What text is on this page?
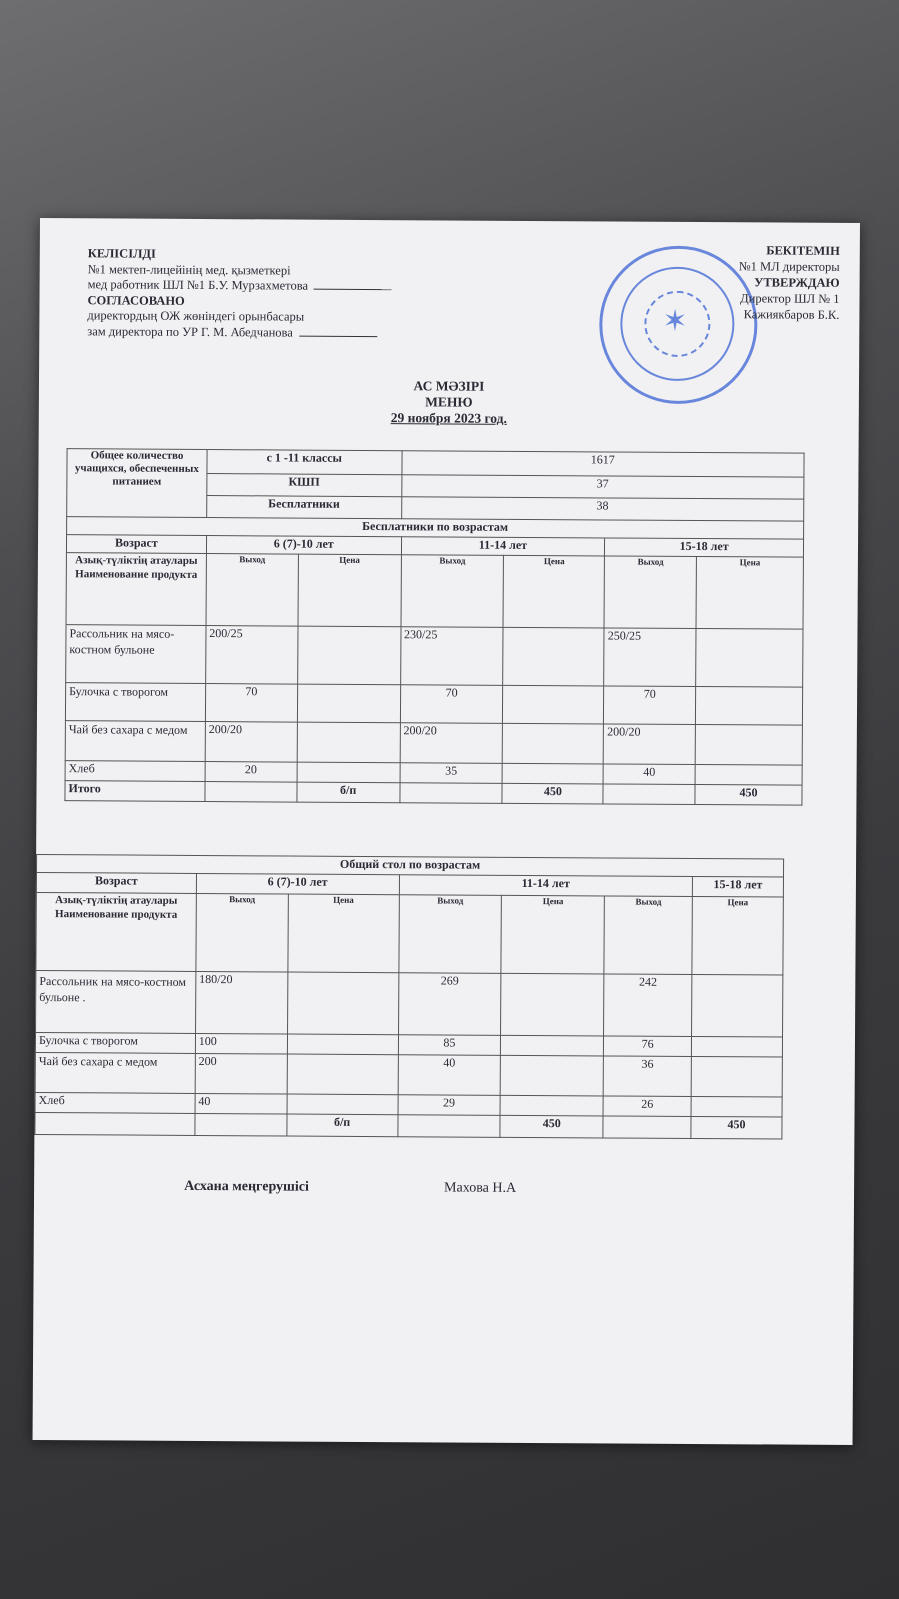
КЕЛІСІЛДІ
№1 мектеп-лицейінің мед. қызметкері
мед работник ШЛ №1 Б.У. Мурзахметова
СОГЛАСОВАНО
директордың ОЖ жөніндегі орынбасары
зам директора по УР Г. М. Абедчанова	✶
БЕКІТЕМІН
№1 МЛ директоры
УТВЕРЖДАЮ
Директор ШЛ № 1
Кажиякбаров Б.К.
АС МӘЗІРІ
МЕНЮ
29 ноября 2023 год.
Общее количество учащихся, обеспеченных питанием	с 1 -11 классы		1617			
	КШП		37			
	Бесплатники		38			
Бесплатники по возрастам						
Возраст	6 (7)-10 лет		11-14 лет		15-18 лет	
Азық-түліктің атаулары Наименование продукта	Выход	Цена	Выход	Цена	Выход	Цена
Рассольник на мясо-костном бульоне	200/25		230/25		250/25	
Булочка с творогом	70		70		70	
Чай без сахара с медом	200/20		200/20		200/20	
Хлеб	20		35		40	
Итого		б/п		450		450
Общий стол по возрастам						
Возраст	6 (7)-10 лет		11-14 лет			15-18 лет
Азық-түліктің атаулары Наименование продукта	Выход	Цена	Выход	Цена	Выход	Цена
Рассольник на мясо-костном бульоне .	180/20		269		242	
Булочка с творогом	100		85		76	
Чай без сахара с медом	200		40		36	
Хлеб	40		29		26	
		б/п		450		450
Асхана меңгерушісі	Махова Н.А
